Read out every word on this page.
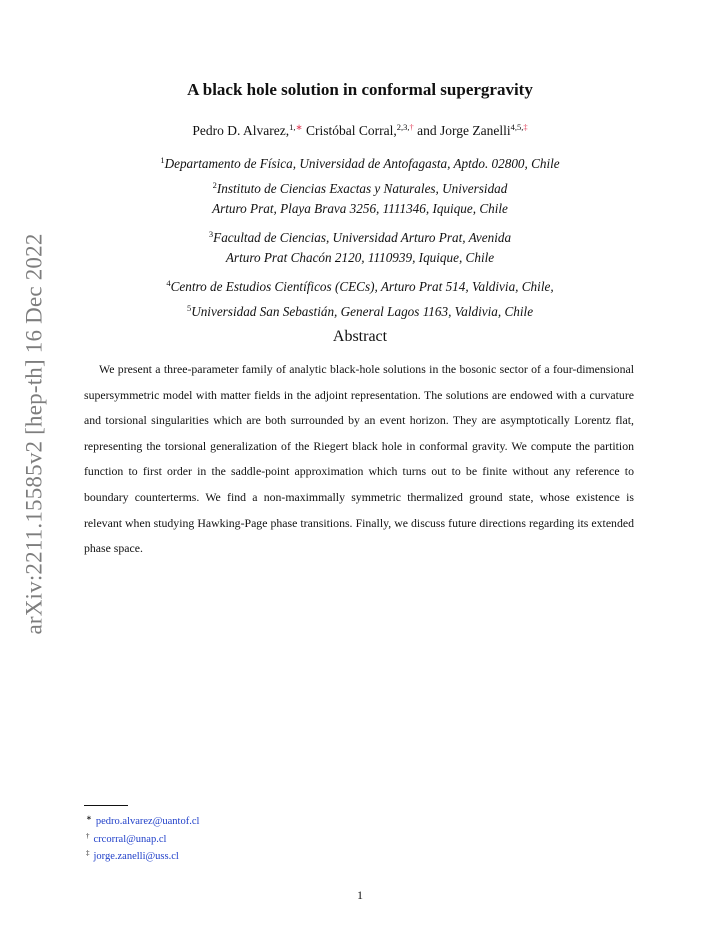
arXiv:2211.15585v2 [hep-th] 16 Dec 2022
A black hole solution in conformal supergravity
Pedro D. Alvarez,$^{1,∗}$ Cristóbal Corral,$^{2,3,\dagger}$ and Jorge Zanelli$^{4,5,\ddagger}$
$^1$Departamento de Física, Universidad de Antofagasta, Aptdo. 02800, Chile
$^2$Instituto de Ciencias Exactas y Naturales, Universidad
Arturo Prat, Playa Brava 3256, 1111346, Iquique, Chile
$^3$Facultad de Ciencias, Universidad Arturo Prat, Avenida
Arturo Prat Chacón 2120, 1110939, Iquique, Chile
$^4$Centro de Estudios Científicos (CECs), Arturo Prat 514, Valdivia, Chile,
$^5$Universidad San Sebastián, General Lagos 1163, Valdivia, Chile
Abstract
We present a three-parameter family of analytic black-hole solutions in the bosonic sector of a four-dimensional supersymmetric model with matter fields in the adjoint representation. The solutions are endowed with a curvature and torsional singularities which are both surrounded by an event horizon. They are asymptotically Lorentz flat, representing the torsional generalization of the Riegert black hole in conformal gravity. We compute the partition function to first order in the saddle-point approximation which turns out to be finite without any reference to boundary counterterms. We find a non-maximmally symmetric thermalized ground state, whose existence is relevant when studying Hawking-Page phase transitions. Finally, we discuss future directions regarding its extended phase space.
∗ pedro.alvarez@uantof.cl
† crcorral@unap.cl
‡ jorge.zanelli@uss.cl
1
